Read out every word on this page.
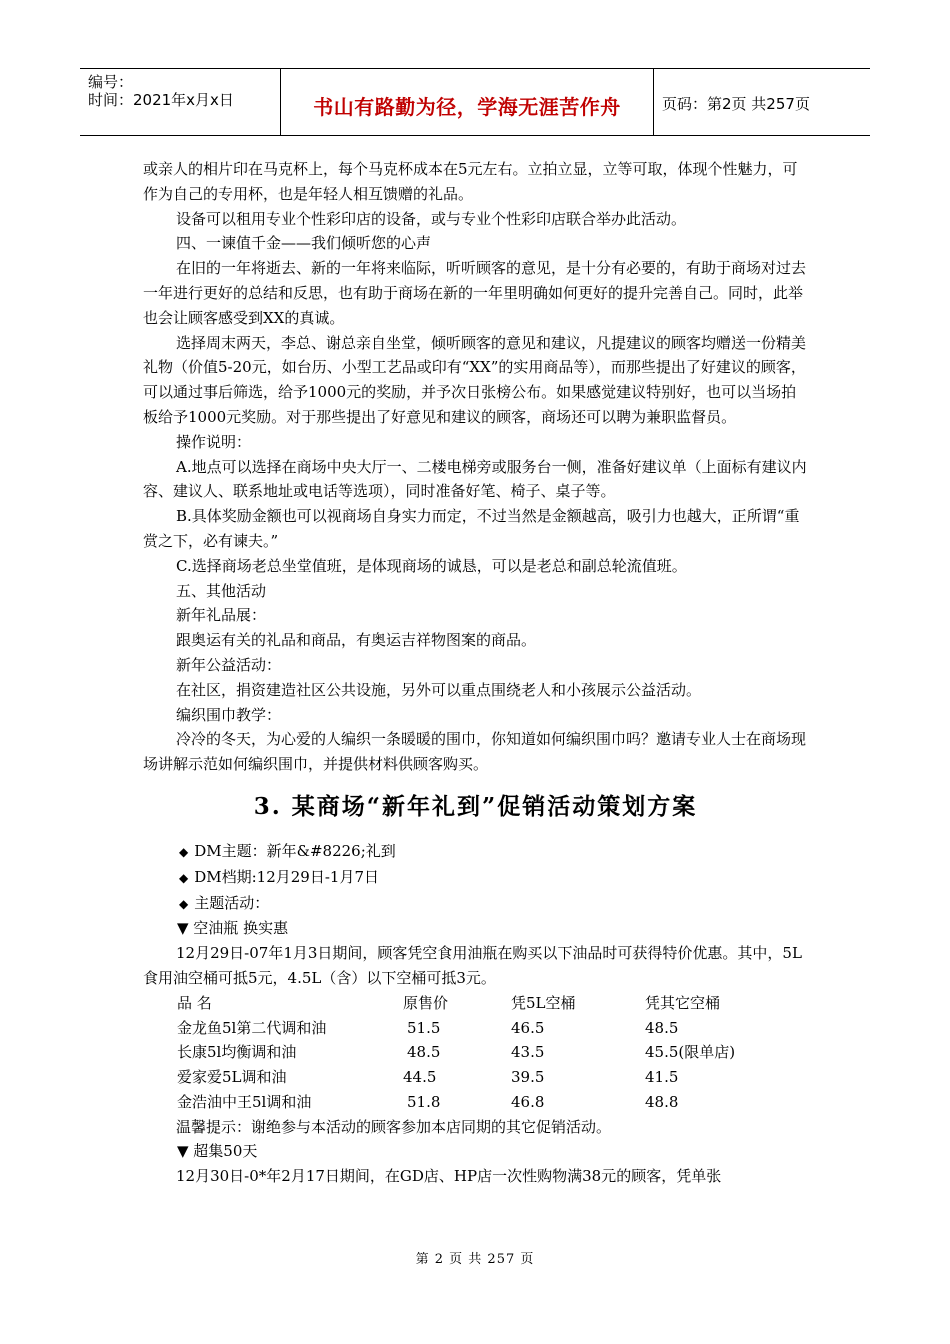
编号：
时间：2021年x月x日	书山有路勤为径，学海无涯苦作舟	页码：第2页 共257页

或亲人的相片印在马克杯上，每个马克杯成本在5元左右。立拍立显，立等可取，体现个性魅力，可作为自己的专用杯，也是年轻人相互馈赠的礼品。

设备可以租用专业个性彩印店的设备，或与专业个性彩印店联合举办此活动。

四、一谏值千金——我们倾听您的心声

在旧的一年将逝去、新的一年将来临际，听听顾客的意见，是十分有必要的，有助于商场对过去一年进行更好的总结和反思，也有助于商场在新的一年里明确如何更好的提升完善自己。同时，此举也会让顾客感受到XX的真诚。

选择周末两天，李总、谢总亲自坐堂，倾听顾客的意见和建议，凡提建议的顾客均赠送一份精美礼物（价值5-20元，如台历、小型工艺品或印有“XX”的实用商品等），而那些提出了好建议的顾客，可以通过事后筛选，给予1000元的奖励，并予次日张榜公布。如果感觉建议特别好，也可以当场拍板给予1000元奖励。对于那些提出了好意见和建议的顾客，商场还可以聘为兼职监督员。

操作说明：

A.地点可以选择在商场中央大厅一、二楼电梯旁或服务台一侧，准备好建议单（上面标有建议内容、建议人、联系地址或电话等选项），同时准备好笔、椅子、桌子等。

B.具体奖励金额也可以视商场自身实力而定，不过当然是金额越高，吸引力也越大，正所谓“重赏之下，必有谏夫。”

C.选择商场老总坐堂值班，是体现商场的诚恳，可以是老总和副总轮流值班。

五、其他活动

新年礼品展：

跟奥运有关的礼品和商品，有奥运吉祥物图案的商品。

新年公益活动：

在社区，捐资建造社区公共设施，另外可以重点围绕老人和小孩展示公益活动。

编织围巾教学：

冷冷的冬天，为心爱的人编织一条暖暖的围巾，你知道如何编织围巾吗？邀请专业人士在商场现场讲解示范如何编织围巾，并提供材料供顾客购买。

3. 某商场“新年礼到”促销活动策划方案

◆ DM主题：新年&#8226;礼到

◆ DM档期:12月29日-1月7日

◆ 主题活动：

▼ 空油瓶 换实惠

12月29日-07年1月3日期间，顾客凭空食用油瓶在购买以下油品时可获得特价优惠。其中，5L食用油空桶可抵5元，4.5L（含）以下空桶可抵3元。

品 名	原售价	凭5L空桶	凭其它空桶
金龙鱼5l第二代调和油	51.5	46.5	48.5
长康5l均衡调和油	48.5	43.5	45.5(限单店)
爱家爱5L调和油	44.5	39.5	41.5
金浩油中王5l调和油	51.8	46.8	48.8

温馨提示：谢绝参与本活动的顾客参加本店同期的其它促销活动。

▼ 超集50天

12月30日-0*年2月17日期间，在GD店、HP店一次性购物满38元的顾客，凭单张

第 2 页 共 257 页
